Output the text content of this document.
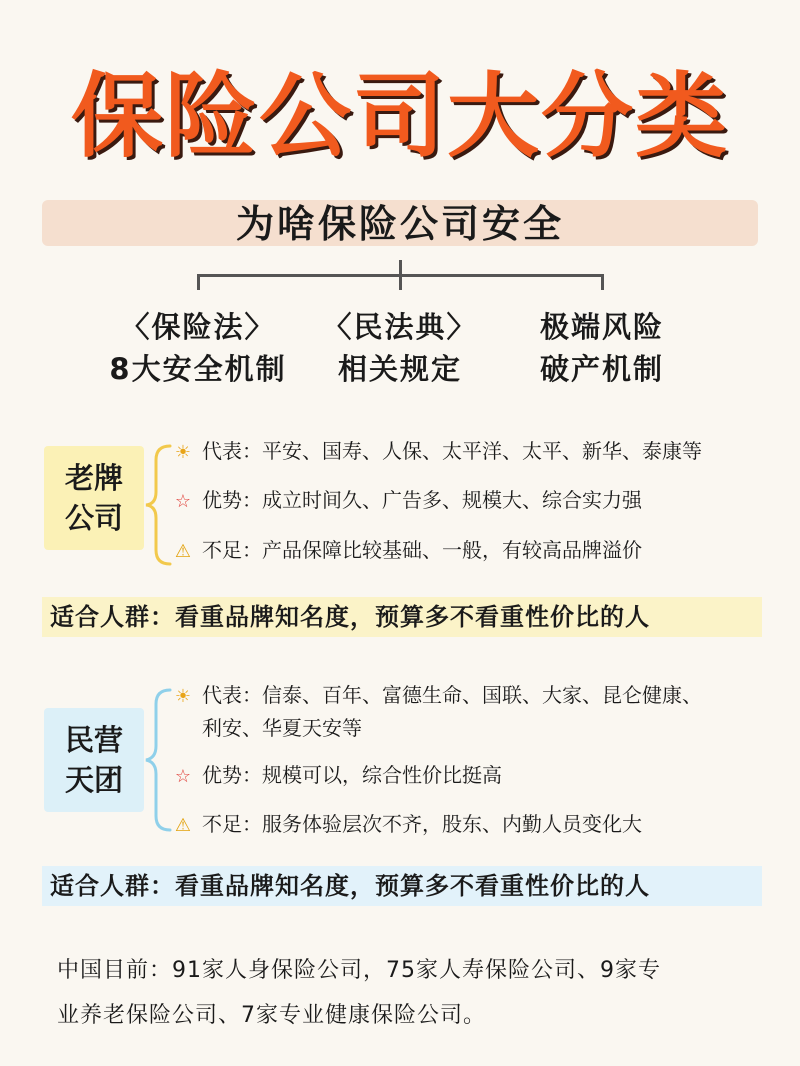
保险公司大分类
为啥保险公司安全
〈保险法〉
8大安全机制
〈民法典〉
相关规定
极端风险
破产机制
老牌
公司
☀ 代表：平安、国寿、人保、太平洋、太平、新华、泰康等
☆ 优势：成立时间久、广告多、规模大、综合实力强
⚠ 不足：产品保障比较基础、一般，有较高品牌溢价
适合人群：看重品牌知名度，预算多不看重性价比的人
民营
天团
☀ 代表：信泰、百年、富德生命、国联、大家、昆仑健康、
利安、华夏天安等
☆ 优势：规模可以，综合性价比挺高
⚠ 不足：服务体验层次不齐，股东、内勤人员变化大
适合人群：看重品牌知名度，预算多不看重性价比的人
中国目前：91家人身保险公司，75家人寿保险公司、9家专
业养老保险公司、7家专业健康保险公司。
